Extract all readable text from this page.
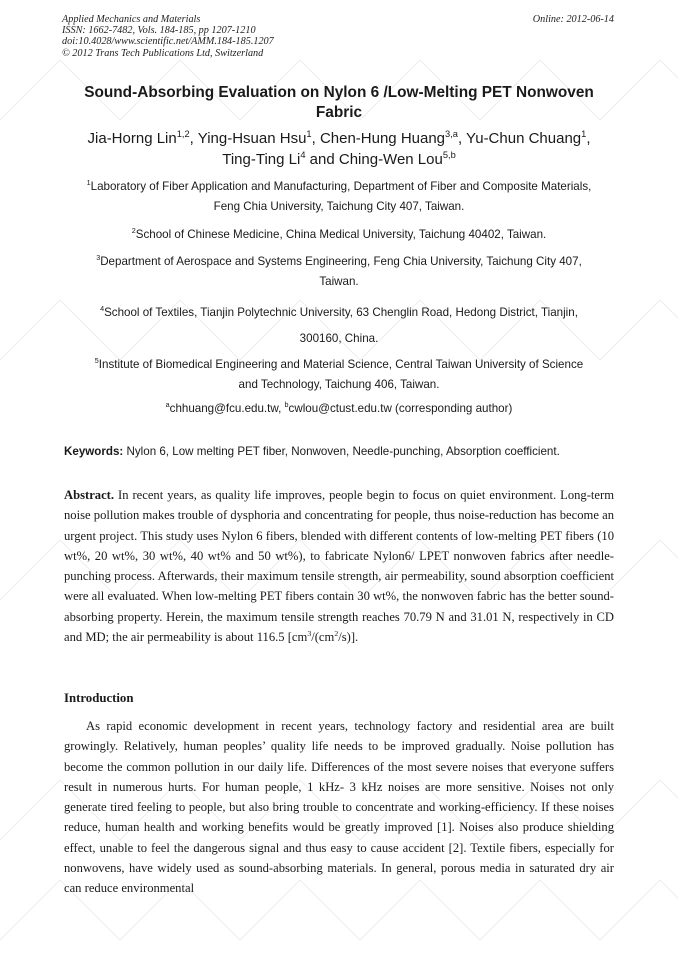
Applied Mechanics and Materials
ISSN: 1662-7482, Vols. 184-185, pp 1207-1210
doi:10.4028/www.scientific.net/AMM.184-185.1207
© 2012 Trans Tech Publications Ltd, Switzerland
Online: 2012-06-14
Sound-Absorbing Evaluation on Nylon 6 /Low-Melting PET Nonwoven
Fabric
Jia-Horng Lin$^{1,2}$, Ying-Hsuan Hsu$^1$, Chen-Hung Huang$^{3,a}$, Yu-Chun Chuang$^1$,
Ting-Ting Li$^4$ and Ching-Wen Lou$^{5,b}$
$^1$Laboratory of Fiber Application and Manufacturing, Department of Fiber and Composite Materials,
Feng Chia University, Taichung City 407, Taiwan.
$^2$School of Chinese Medicine, China Medical University, Taichung 40402, Taiwan.
$^3$Department of Aerospace and Systems Engineering, Feng Chia University, Taichung City 407,
Taiwan.
$^4$School of Textiles, Tianjin Polytechnic University, 63 Chenglin Road, Hedong District, Tianjin,
300160, China.
$^5$Institute of Biomedical Engineering and Material Science, Central Taiwan University of Science
and Technology, Taichung 406, Taiwan.
$^a$chhuang@fcu.edu.tw, $^b$cwlou@ctust.edu.tw (corresponding author)
Keywords: Nylon 6, Low melting PET fiber, Nonwoven, Needle-punching, Absorption coefficient.
Abstract. In recent years, as quality life improves, people begin to focus on quiet environment. Long-term noise pollution makes trouble of dysphoria and concentrating for people, thus noise-reduction has become an urgent project. This study uses Nylon 6 fibers, blended with different contents of low-melting PET fibers (10 wt%, 20 wt%, 30 wt%, 40 wt% and 50 wt%), to fabricate Nylon6/ LPET nonwoven fabrics after needle-punching process. Afterwards, their maximum tensile strength, air permeability, sound absorption coefficient were all evaluated. When low-melting PET fibers contain 30 wt%, the nonwoven fabric has the better sound-absorbing property. Herein, the maximum tensile strength reaches 70.79 N and 31.01 N, respectively in CD and MD; the air permeability is about 116.5 $[cm^3/(cm^2/s)]$.
Introduction
As rapid economic development in recent years, technology factory and residential area are built growingly. Relatively, human peoples’ quality life needs to be improved gradually. Noise pollution has become the common pollution in our daily life. Differences of the most severe noises that everyone suffers result in numerous hurts. For human people, 1 kHz- 3 kHz noises are more sensitive. Noises not only generate tired feeling to people, but also bring trouble to concentrate and working-efficiency. If these noises reduce, human health and working benefits would be greatly improved [1]. Noises also produce shielding effect, unable to feel the dangerous signal and thus easy to cause accident [2]. Textile fibers, especially for nonwovens, have widely used as sound-absorbing materials. In general, porous media in saturated dry air can reduce environmental
